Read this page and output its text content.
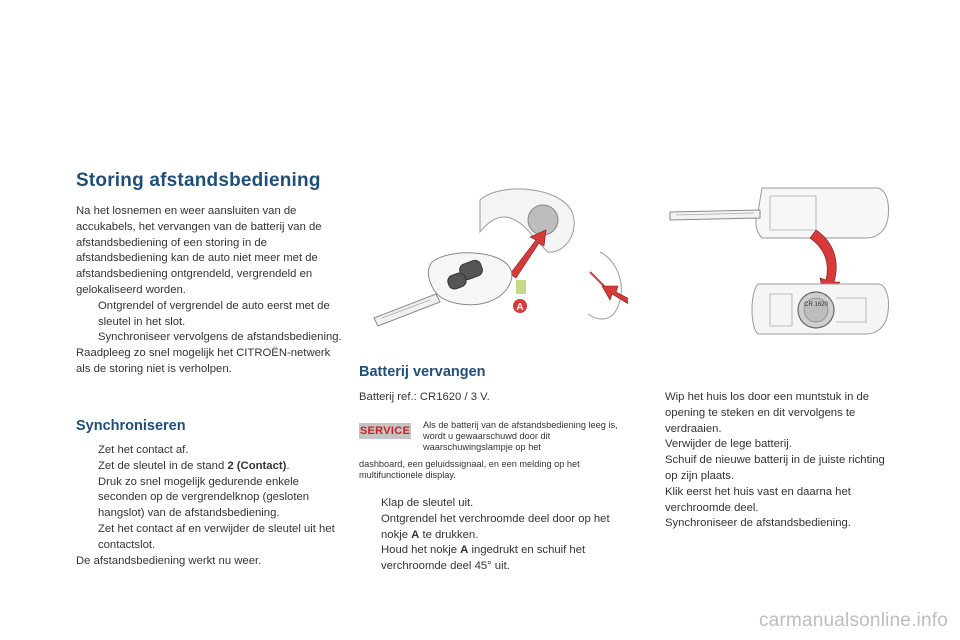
Storing afstandsbediening
Na het losnemen en weer aansluiten van de accukabels, het vervangen van de batterij van de afstandsbediening of een storing in de afstandsbediening kan de auto niet meer met de afstandsbediening ontgrendeld, vergrendeld en gelokaliseerd worden.
Ontgrendel of vergrendel de auto eerst met de sleutel in het slot.
Synchroniseer vervolgens de afstandsbediening.
Raadpleeg zo snel mogelijk het CITROËN-netwerk als de storing niet is verholpen.
Synchroniseren
Zet het contact af.
Zet de sleutel in de stand 2 (Contact).
Druk zo snel mogelijk gedurende enkele seconden op de vergrendelknop (gesloten hangslot) van de afstandsbediening.
Zet het contact af en verwijder de sleutel uit het contactslot.
De afstandsbediening werkt nu weer.
A	CR 1620
Batterij vervangen
Batterij ref.: CR1620 / 3 V.
SERVICE Als de batterij van de afstandsbediening leeg is, wordt u gewaarschuwd door dit waarschuwingslampje op het
dashboard, een geluidssignaal, en een melding op het multifunctionele display.
Klap de sleutel uit.
Ontgrendel het verchroomde deel door op het nokje A te drukken.
Houd het nokje A ingedrukt en schuif het verchroomde deel 45° uit.
Wip het huis los door een muntstuk in de opening te steken en dit vervolgens te verdraaien.
Verwijder de lege batterij.
Schuif de nieuwe batterij in de juiste richting op zijn plaats.
Klik eerst het huis vast en daarna het verchroomde deel.
Synchroniseer de afstandsbediening.
carmanualsonline.info
